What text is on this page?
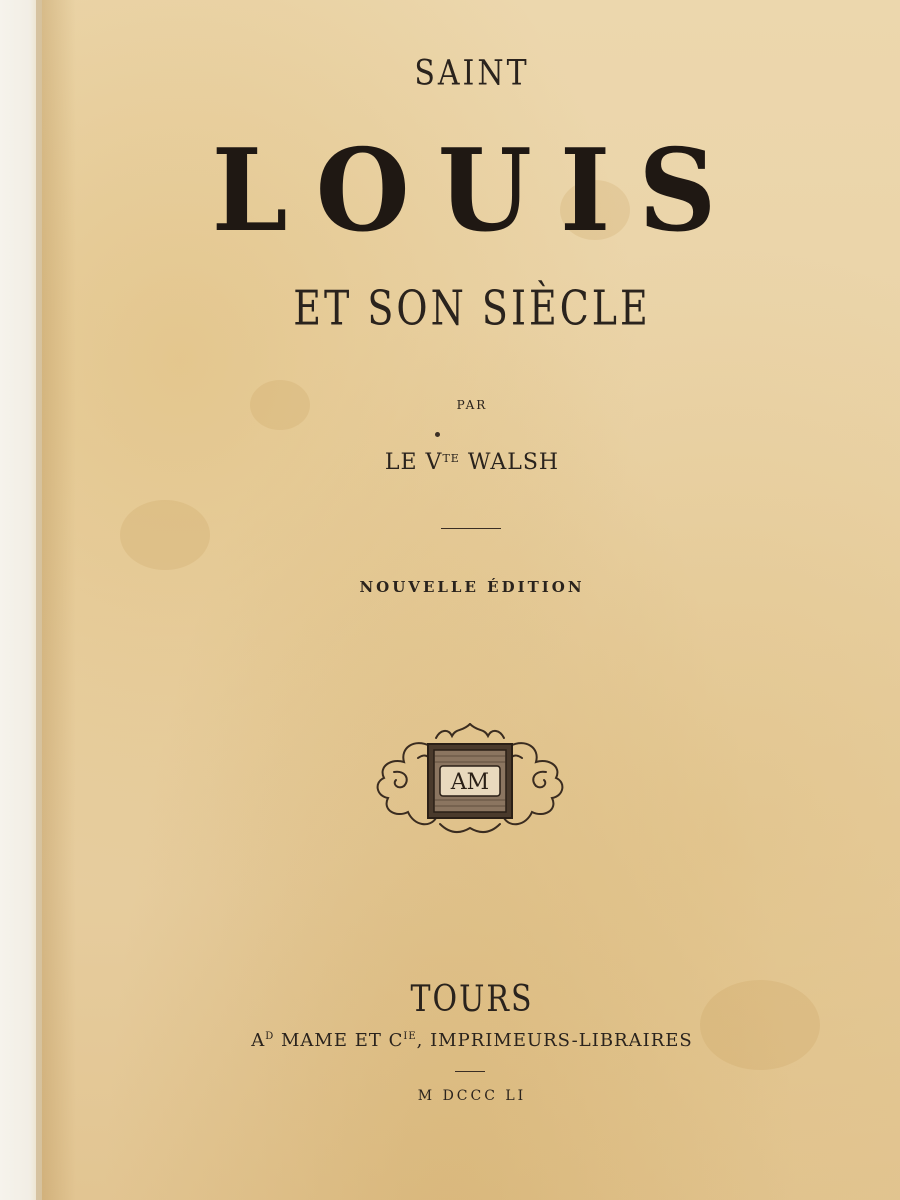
SAINT
LOUIS
ET SON SIÈCLE
PAR
LE $V^{TE}$ WALSH
NOUVELLE ÉDITION
AM
TOURS
$A^D$ MAME ET $C^{IE}$, IMPRIMEURS-LIBRAIRES
M DCCC LI
